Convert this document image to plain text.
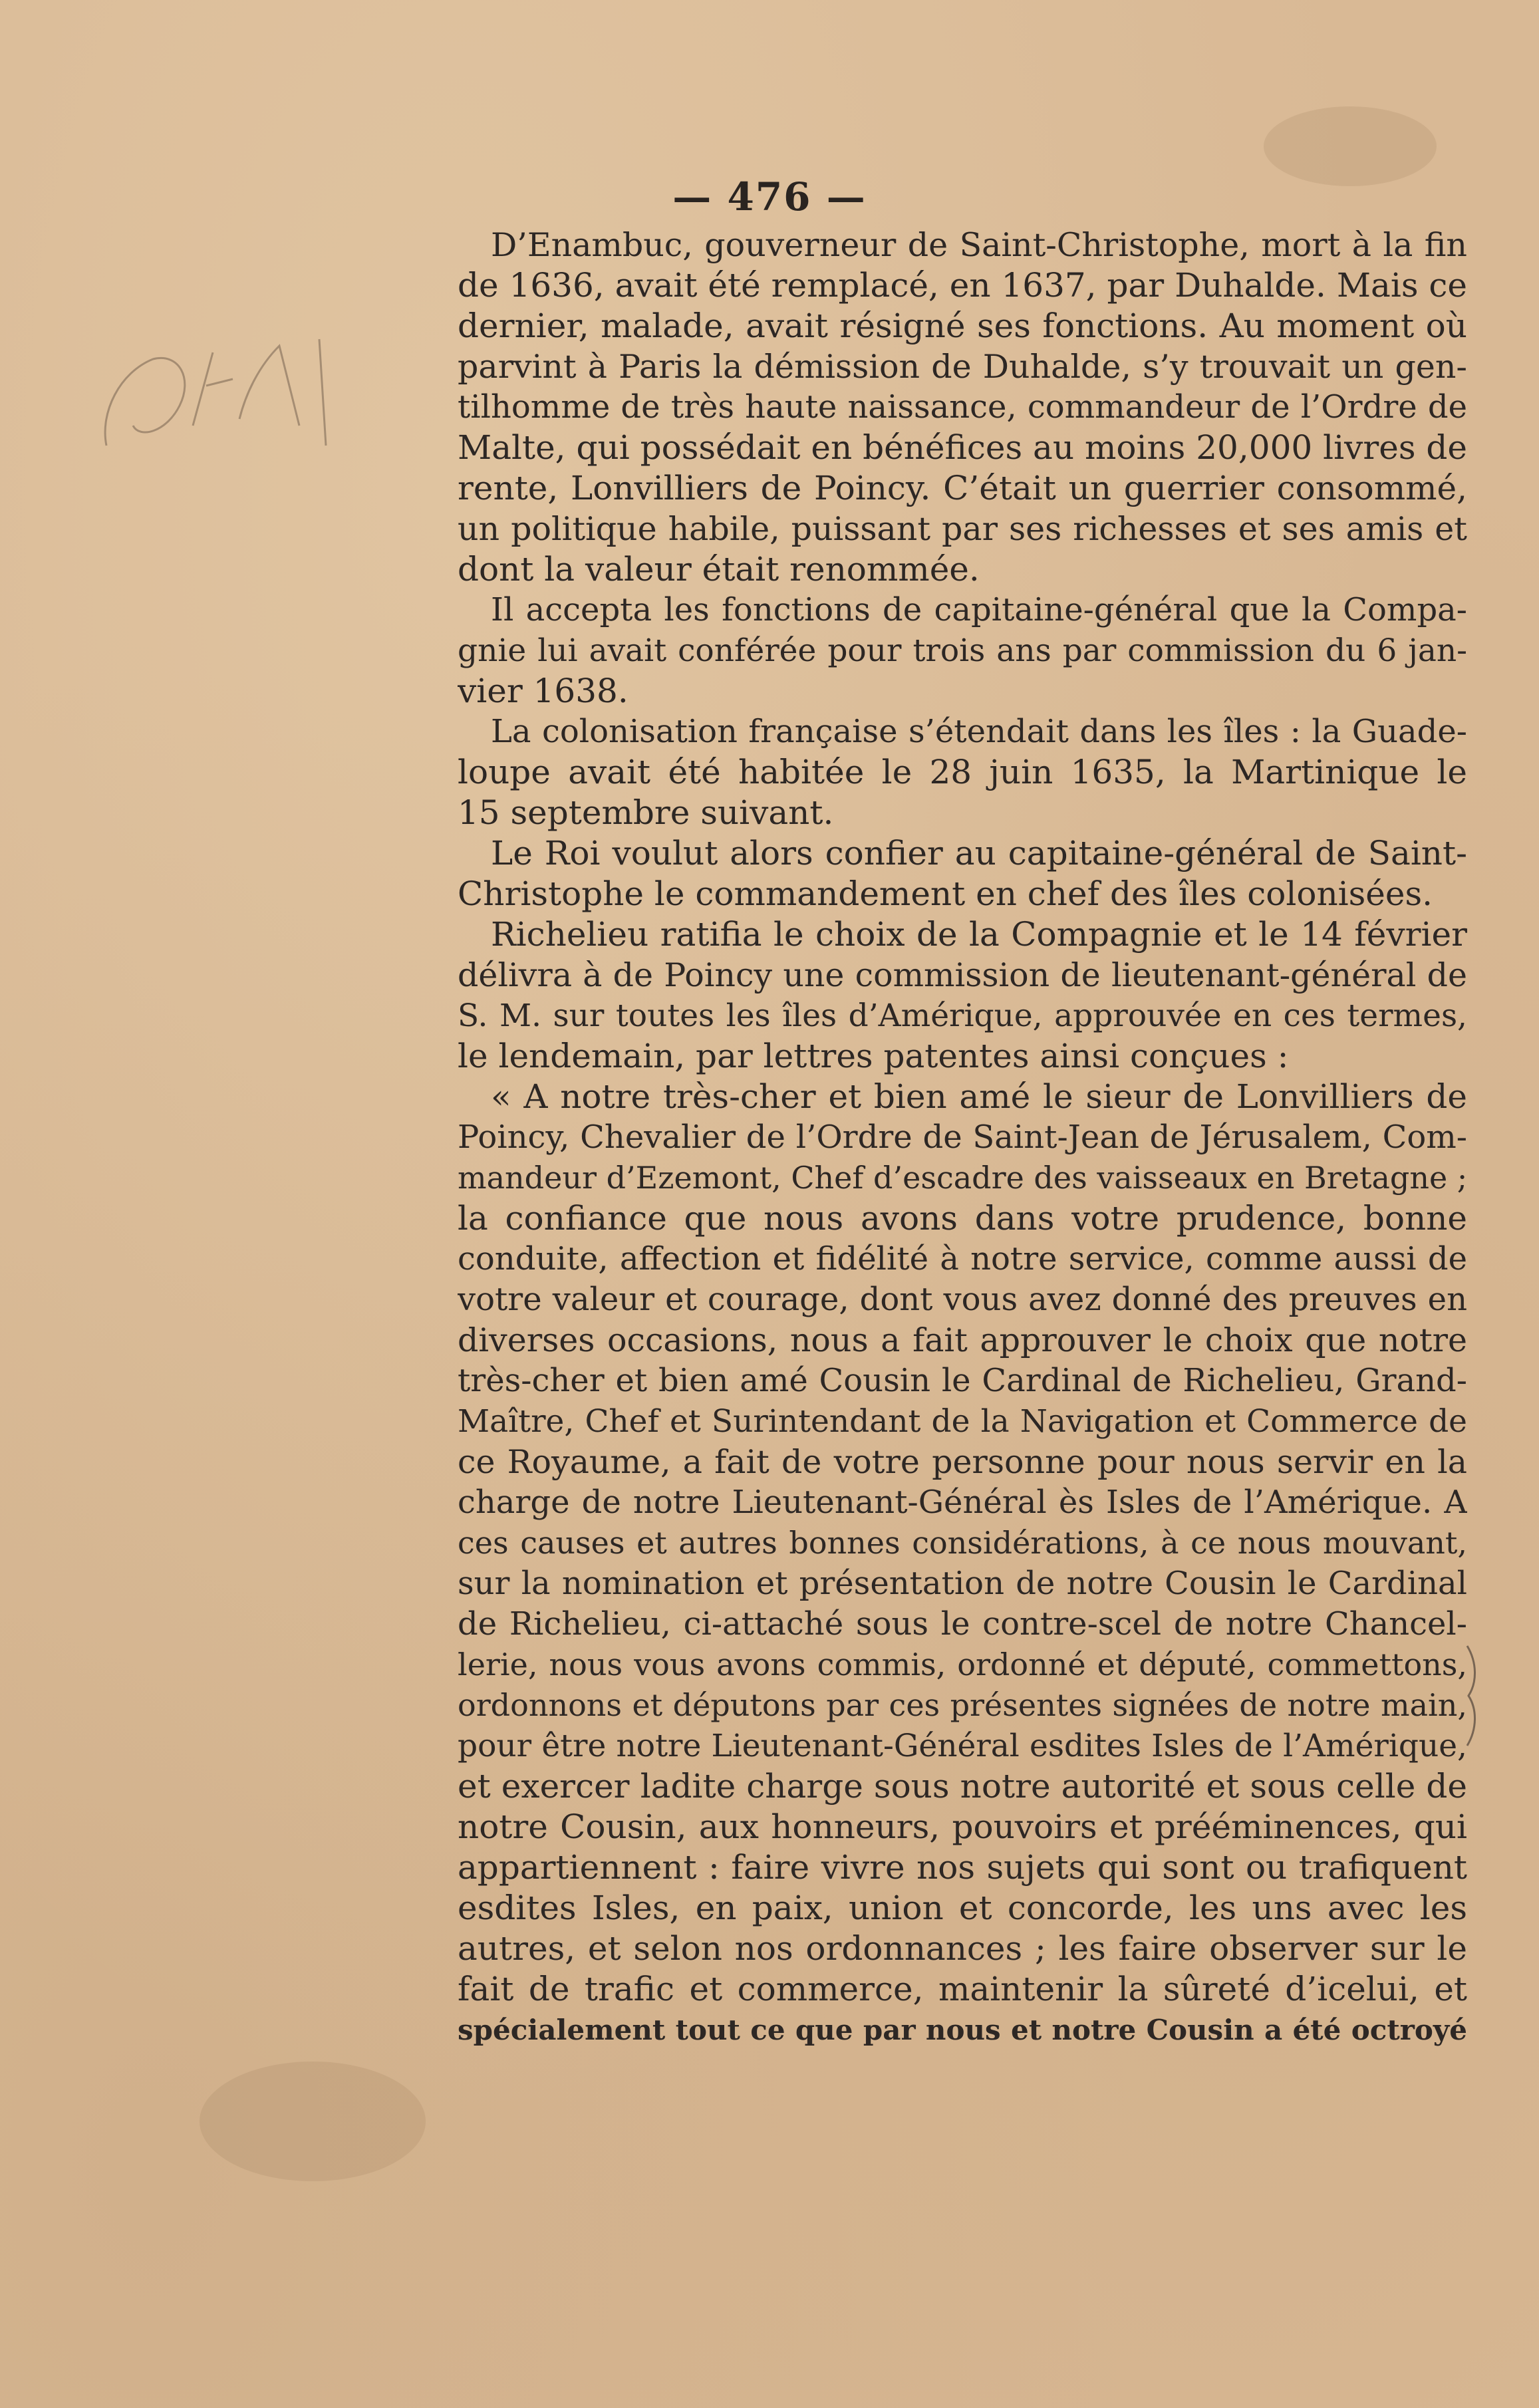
— 476 —
D’Enambuc, gouverneur de Saint-Christophe, mort à la fin
de 1636, avait été remplacé, en 1637, par Duhalde. Mais ce
dernier, malade, avait résigné ses fonctions. Au moment où
parvint à Paris la démission de Duhalde, s’y trouvait un gen-
tilhomme de très haute naissance, commandeur de l’Ordre de
Malte, qui possédait en bénéfices au moins 20,000 livres de
rente, Lonvilliers de Poincy. C’était un guerrier consommé,
un politique habile, puissant par ses richesses et ses amis et
dont la valeur était renommée.
Il accepta les fonctions de capitaine-général que la Compa-
gnie lui avait conférée pour trois ans par commission du 6 jan-
vier 1638.
La colonisation française s’étendait dans les îles : la Guade-
loupe avait été habitée le 28 juin 1635, la Martinique le
15 septembre suivant.
Le Roi voulut alors confier au capitaine-général de Saint-
Christophe le commandement en chef des îles colonisées.
Richelieu ratifia le choix de la Compagnie et le 14 février
délivra à de Poincy une commission de lieutenant-général de
S. M. sur toutes les îles d’Amérique, approuvée en ces termes,
le lendemain, par lettres patentes ainsi conçues :
« A notre très-cher et bien amé le sieur de Lonvilliers de
Poincy, Chevalier de l’Ordre de Saint-Jean de Jérusalem, Com-
mandeur d’Ezemont, Chef d’escadre des vaisseaux en Bretagne ;
la confiance que nous avons dans votre prudence, bonne
conduite, affection et fidélité à notre service, comme aussi de
votre valeur et courage, dont vous avez donné des preuves en
diverses occasions, nous a fait approuver le choix que notre
très-cher et bien amé Cousin le Cardinal de Richelieu, Grand-
Maître, Chef et Surintendant de la Navigation et Commerce de
ce Royaume, a fait de votre personne pour nous servir en la
charge de notre Lieutenant-Général ès Isles de l’Amérique. A
ces causes et autres bonnes considérations, à ce nous mouvant,
sur la nomination et présentation de notre Cousin le Cardinal
de Richelieu, ci-attaché sous le contre-scel de notre Chancel-
lerie, nous vous avons commis, ordonné et député, commettons,
ordonnons et députons par ces présentes signées de notre main,
pour être notre Lieutenant-Général esdites Isles de l’Amérique,
et exercer ladite charge sous notre autorité et sous celle de
notre Cousin, aux honneurs, pouvoirs et prééminences, qui
appartiennent : faire vivre nos sujets qui sont ou trafiquent
esdites Isles, en paix, union et concorde, les uns avec les
autres, et selon nos ordonnances ; les faire observer sur le
fait de trafic et commerce, maintenir la sûreté d’icelui, et
spécialement tout ce que par nous et notre Cousin a été octroyé
